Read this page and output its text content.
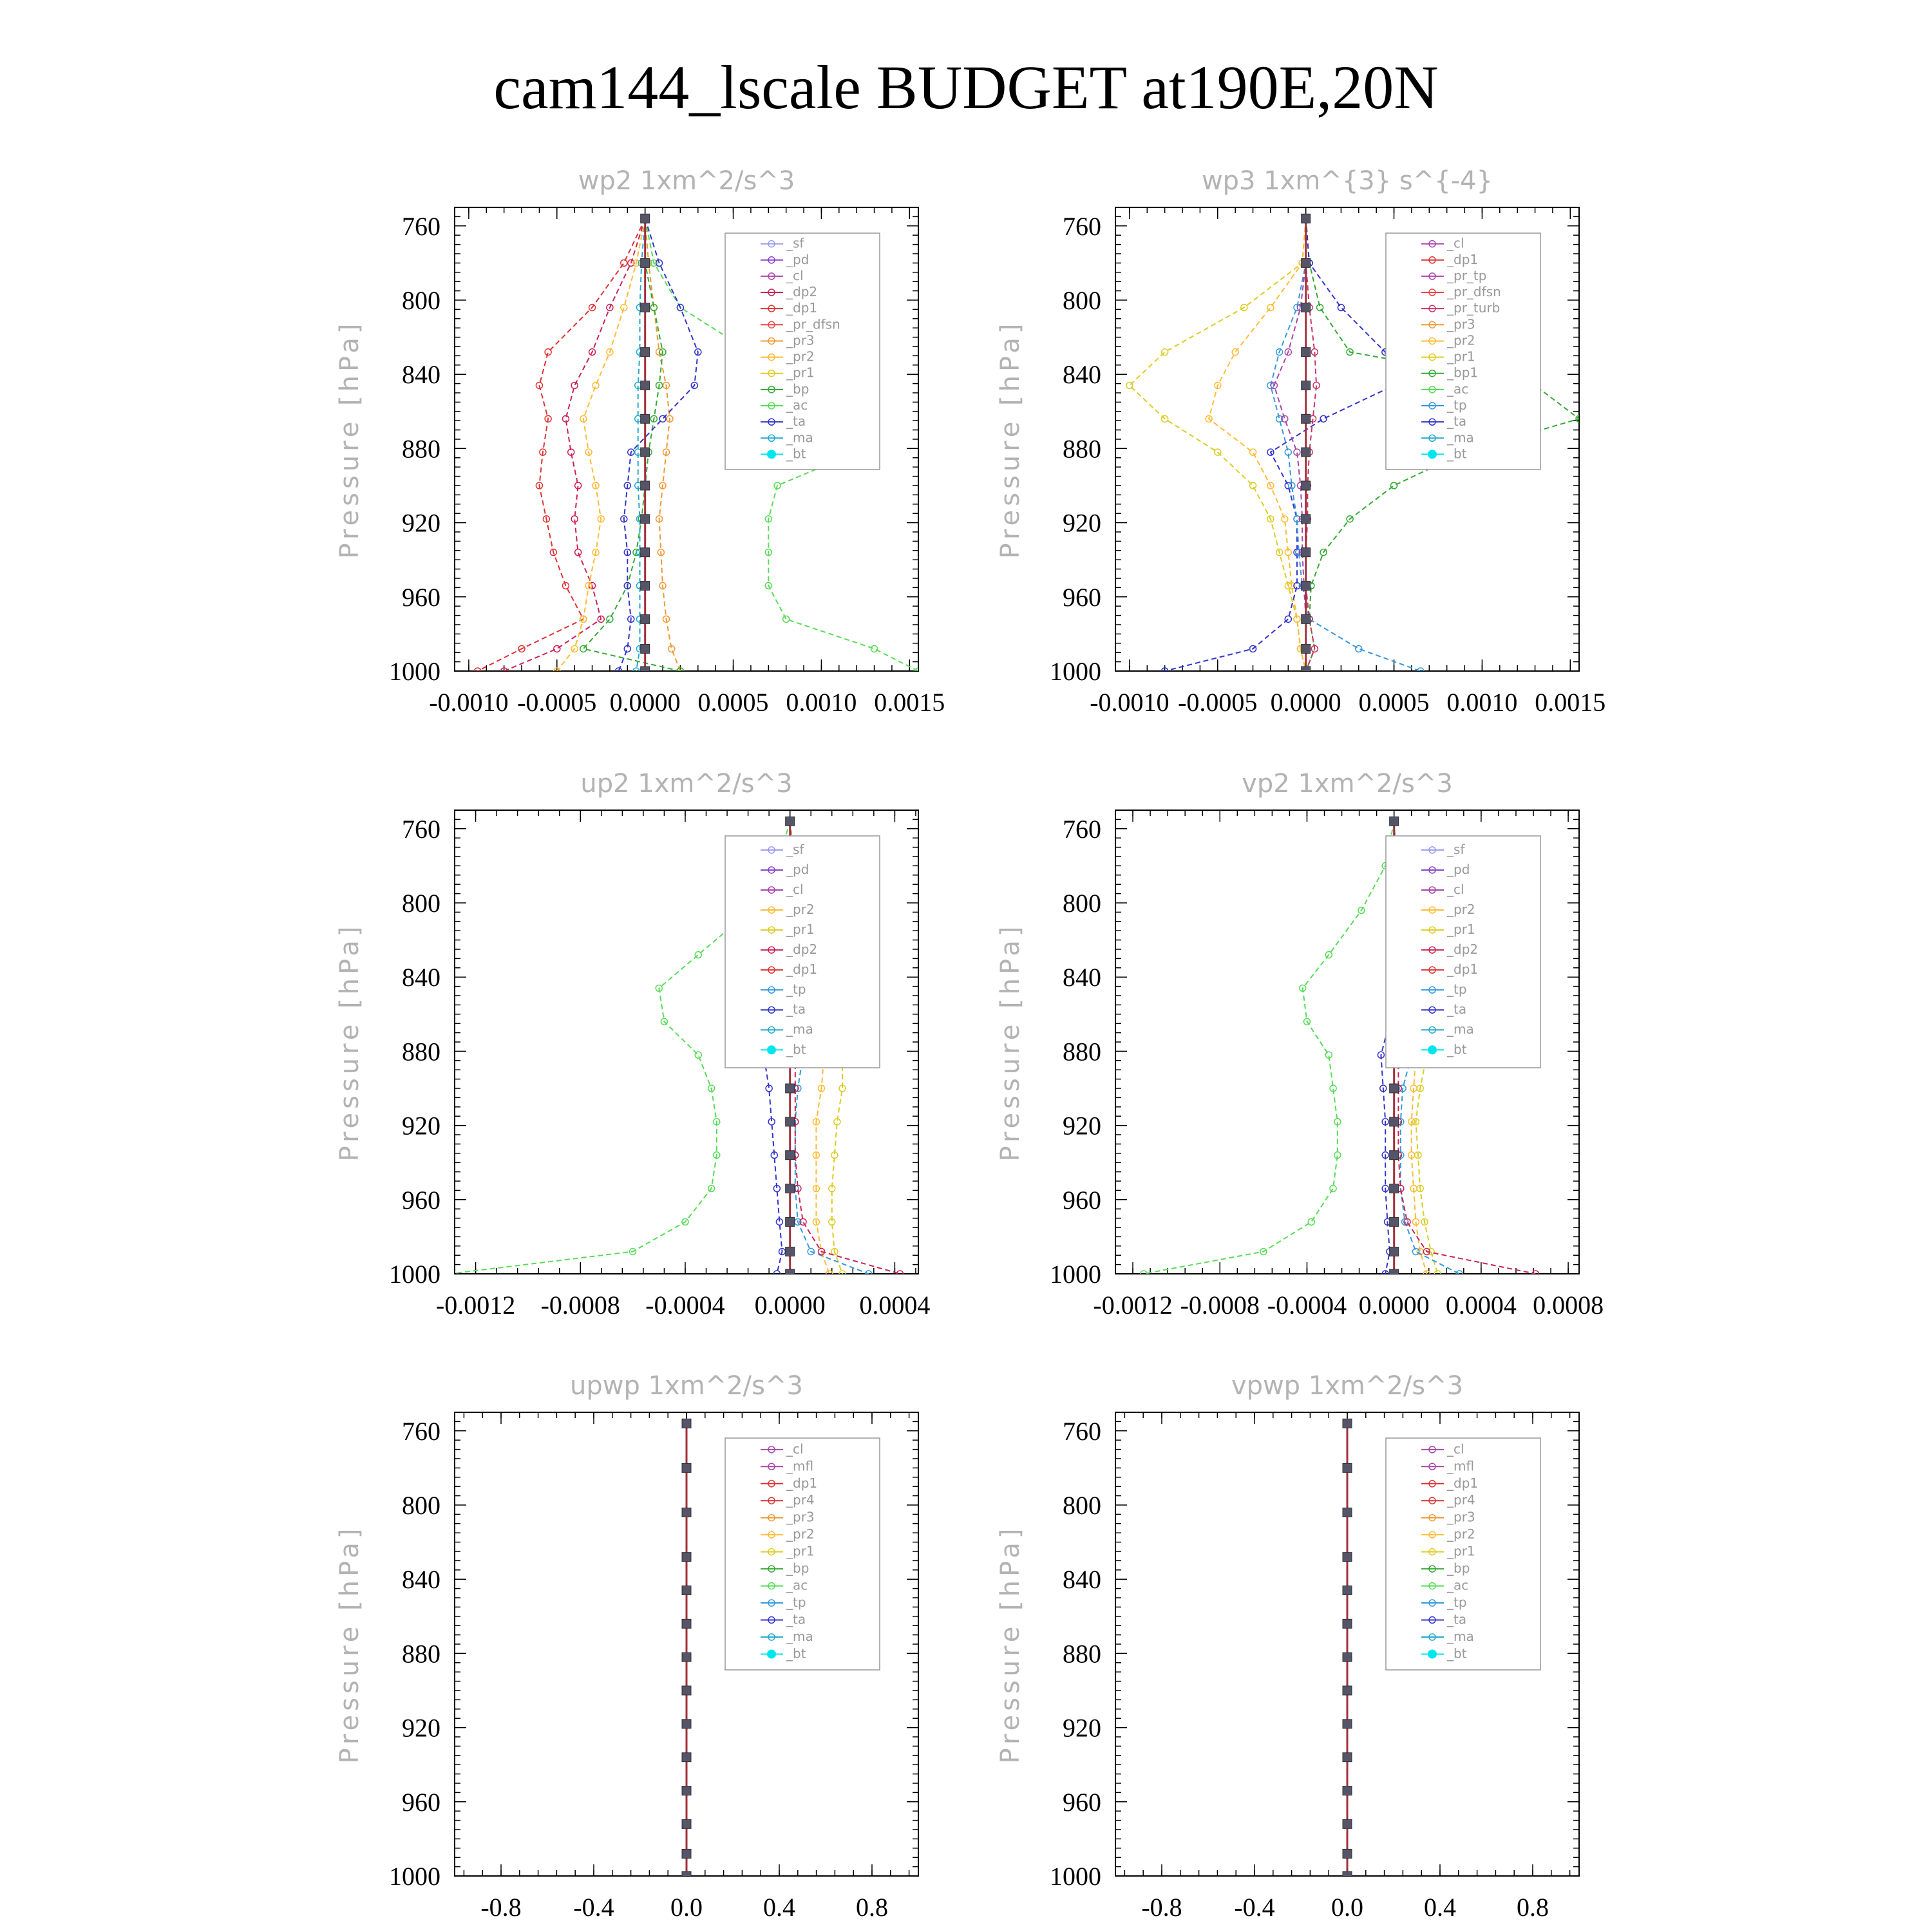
cam144_lscale BUDGET at190E,20N
wp2 1xm^2/s^3
Pressure [hPa]
760
800
840
880
920
960
1000
-0.0010 -0.0005 0.0000 0.0005 0.0010 0.0015
_sf
_pd
_cl
_dp2
_dp1
_pr_dfsn
_pr3
_pr2
_pr1
_bp
_ac
_ta
_ma
_bt
wp3 1xm^{3} s^{-4}
Pressure [hPa]
760
800
840
880
920
960
1000
-0.0010 -0.0005 0.0000 0.0005 0.0010 0.0015
_cl
_dp1
_pr_tp
_pr_dfsn
_pr_turb
_pr3
_pr2
_pr1
_bp1
_ac
_tp
_ta
_ma
_bt
up2 1xm^2/s^3
Pressure [hPa]
760
800
840
880
920
960
1000
-0.0012 -0.0008 -0.0004 0.0000 0.0004
_sf
_pd
_cl
_pr2
_pr1
_dp2
_dp1
_tp
_ta
_ma
_bt
vp2 1xm^2/s^3
Pressure [hPa]
760
800
840
880
920
960
1000
-0.0012 -0.0008 -0.0004 0.0000 0.0004 0.0008
_sf
_pd
_cl
_pr2
_pr1
_dp2
_dp1
_tp
_ta
_ma
_bt
upwp 1xm^2/s^3
Pressure [hPa]
760
800
840
880
920
960
1000
-0.8 -0.4 0.0 0.4 0.8
_cl
_mfl
_dp1
_pr4
_pr3
_pr2
_pr1
_bp
_ac
_tp
_ta
_ma
_bt
vpwp 1xm^2/s^3
Pressure [hPa]
760
800
840
880
920
960
1000
-0.8 -0.4 0.0 0.4 0.8
_cl
_mfl
_dp1
_pr4
_pr3
_pr2
_pr1
_bp
_ac
_tp
_ta
_ma
_bt
